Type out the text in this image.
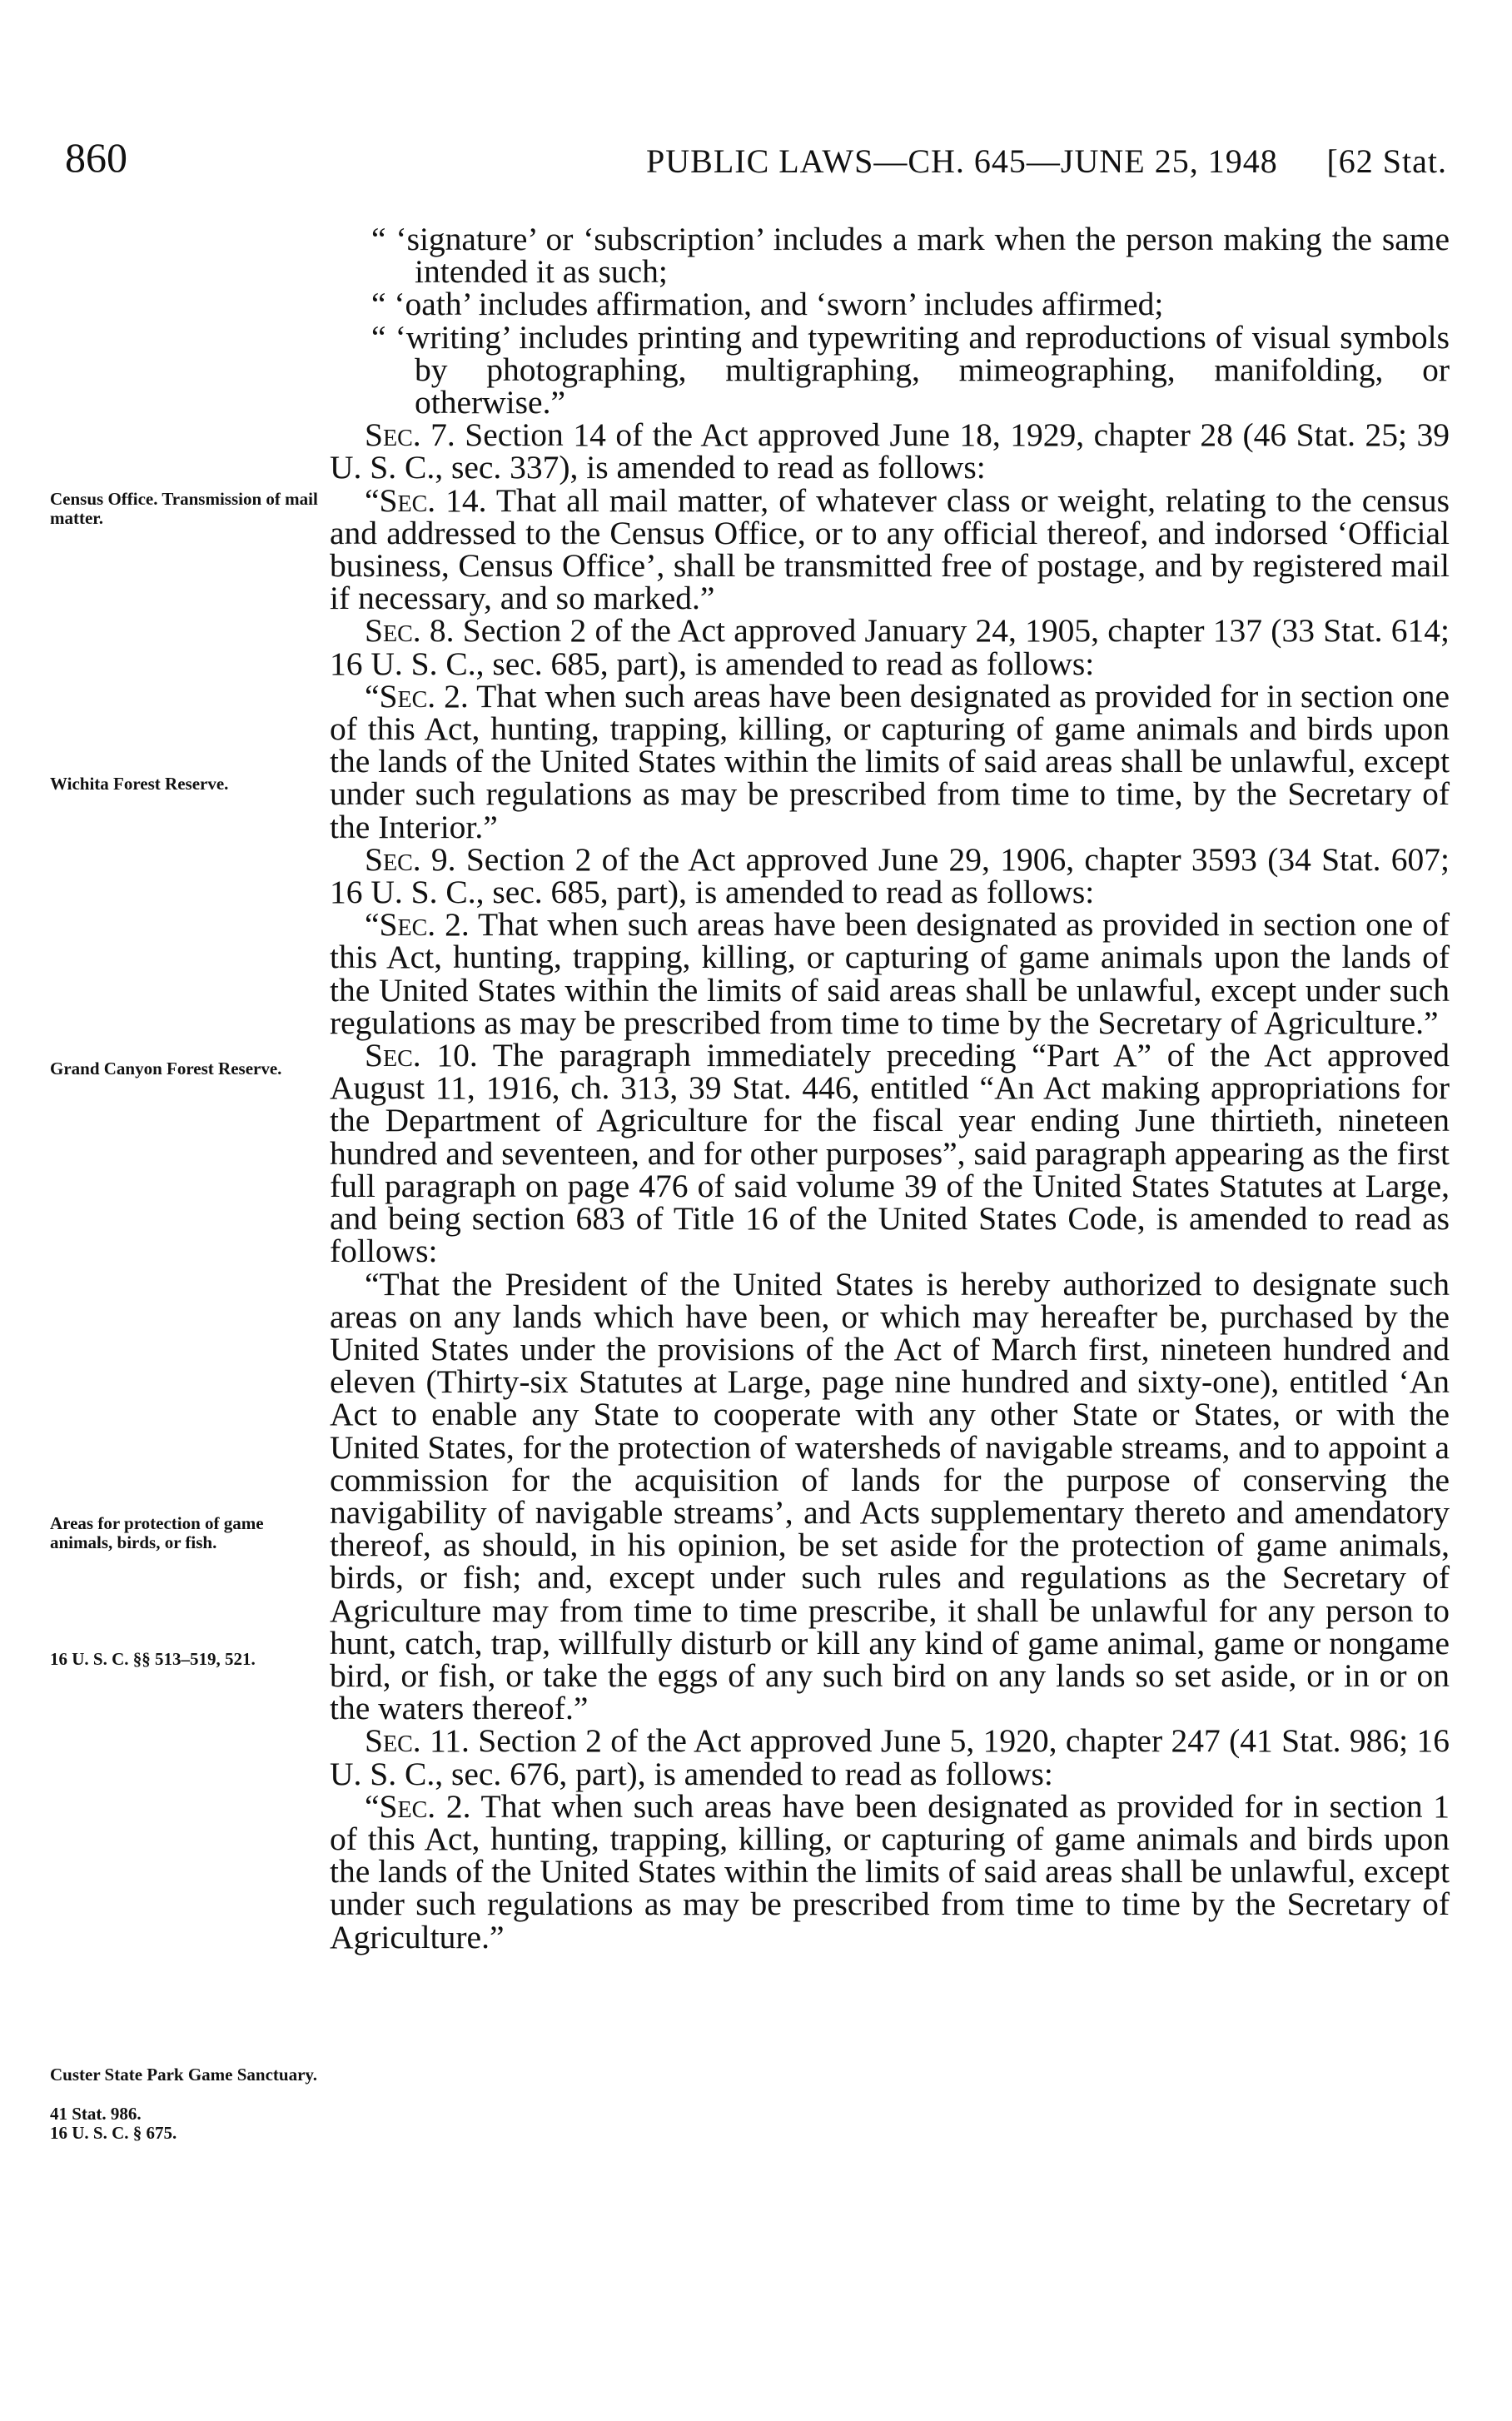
860	PUBLIC LAWS—CH. 645—JUNE 25, 1948 [62 Stat.
Census Office. Transmission of mail matter.
Wichita Forest Reserve.
Grand Canyon Forest Reserve.
Areas for protection of game animals, birds, or fish.
16 U. S. C. §§ 513–519, 521.
Custer State Park Game Sanctuary.
41 Stat. 986.
16 U. S. C. § 675.

“ ‘signature’ or ‘subscription’ includes a mark when the person making the same intended it as such;

“ ‘oath’ includes affirmation, and ‘sworn’ includes affirmed;

“ ‘writing’ includes printing and typewriting and reproductions of visual symbols by photographing, multigraphing, mimeographing, manifolding, or otherwise.”

Sec. 7. Section 14 of the Act approved June 18, 1929, chapter 28 (46 Stat. 25; 39 U. S. C., sec. 337), is amended to read as follows:

“Sec. 14. That all mail matter, of whatever class or weight, relating to the census and addressed to the Census Office, or to any official thereof, and indorsed ‘Official business, Census Office’, shall be transmitted free of postage, and by registered mail if necessary, and so marked.”

Sec. 8. Section 2 of the Act approved January 24, 1905, chapter 137 (33 Stat. 614; 16 U. S. C., sec. 685, part), is amended to read as follows:

“Sec. 2. That when such areas have been designated as provided for in section one of this Act, hunting, trapping, killing, or capturing of game animals and birds upon the lands of the United States within the limits of said areas shall be unlawful, except under such regulations as may be prescribed from time to time, by the Secretary of the Interior.”

Sec. 9. Section 2 of the Act approved June 29, 1906, chapter 3593 (34 Stat. 607; 16 U. S. C., sec. 685, part), is amended to read as follows:

“Sec. 2. That when such areas have been designated as provided in section one of this Act, hunting, trapping, killing, or capturing of game animals upon the lands of the United States within the limits of said areas shall be unlawful, except under such regulations as may be prescribed from time to time by the Secretary of Agriculture.”

Sec. 10. The paragraph immediately preceding “Part A” of the Act approved August 11, 1916, ch. 313, 39 Stat. 446, entitled “An Act making appropriations for the Department of Agriculture for the fiscal year ending June thirtieth, nineteen hundred and seventeen, and for other purposes”, said paragraph appearing as the first full paragraph on page 476 of said volume 39 of the United States Statutes at Large, and being section 683 of Title 16 of the United States Code, is amended to read as follows:

“That the President of the United States is hereby authorized to designate such areas on any lands which have been, or which may hereafter be, purchased by the United States under the provisions of the Act of March first, nineteen hundred and eleven (Thirty-six Statutes at Large, page nine hundred and sixty-one), entitled ‘An Act to enable any State to cooperate with any other State or States, or with the United States, for the protection of watersheds of navigable streams, and to appoint a commission for the acquisition of lands for the purpose of conserving the navigability of navigable streams’, and Acts supplementary thereto and amendatory thereof, as should, in his opinion, be set aside for the protection of game animals, birds, or fish; and, except under such rules and regulations as the Secretary of Agriculture may from time to time prescribe, it shall be unlawful for any person to hunt, catch, trap, willfully disturb or kill any kind of game animal, game or nongame bird, or fish, or take the eggs of any such bird on any lands so set aside, or in or on the waters thereof.”

Sec. 11. Section 2 of the Act approved June 5, 1920, chapter 247 (41 Stat. 986; 16 U. S. C., sec. 676, part), is amended to read as follows:

“Sec. 2. That when such areas have been designated as provided for in section 1 of this Act, hunting, trapping, killing, or capturing of game animals and birds upon the lands of the United States within the limits of said areas shall be unlawful, except under such regulations as may be prescribed from time to time by the Secretary of Agriculture.”
